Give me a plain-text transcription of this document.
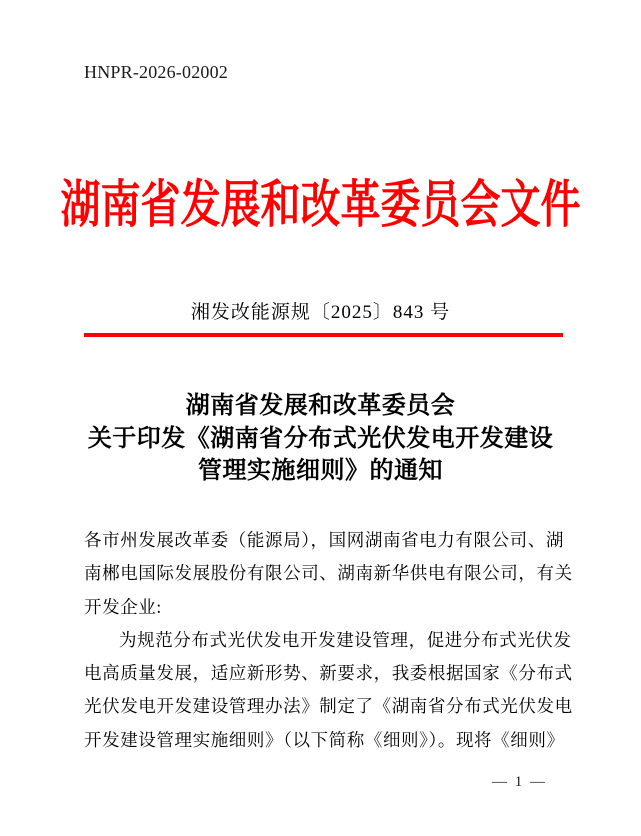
HNPR-2026-02002
湖南省发展和改革委员会文件
湘发改能源规〔2025〕843 号
湖南省发展和改革委员会
关于印发《湖南省分布式光伏发电开发建设
管理实施细则》的通知
各市州发展改革委（能源局），国网湖南省电力有限公司、湖
南郴电国际发展股份有限公司、湖南新华供电有限公司，有关
开发企业:
为规范分布式光伏发电开发建设管理，促进分布式光伏发
电高质量发展，适应新形势、新要求，我委根据国家《分布式
光伏发电开发建设管理办法》制定了《湖南省分布式光伏发电
开发建设管理实施细则》（以下简称《细则》）。现将《细则》
— 1 —
